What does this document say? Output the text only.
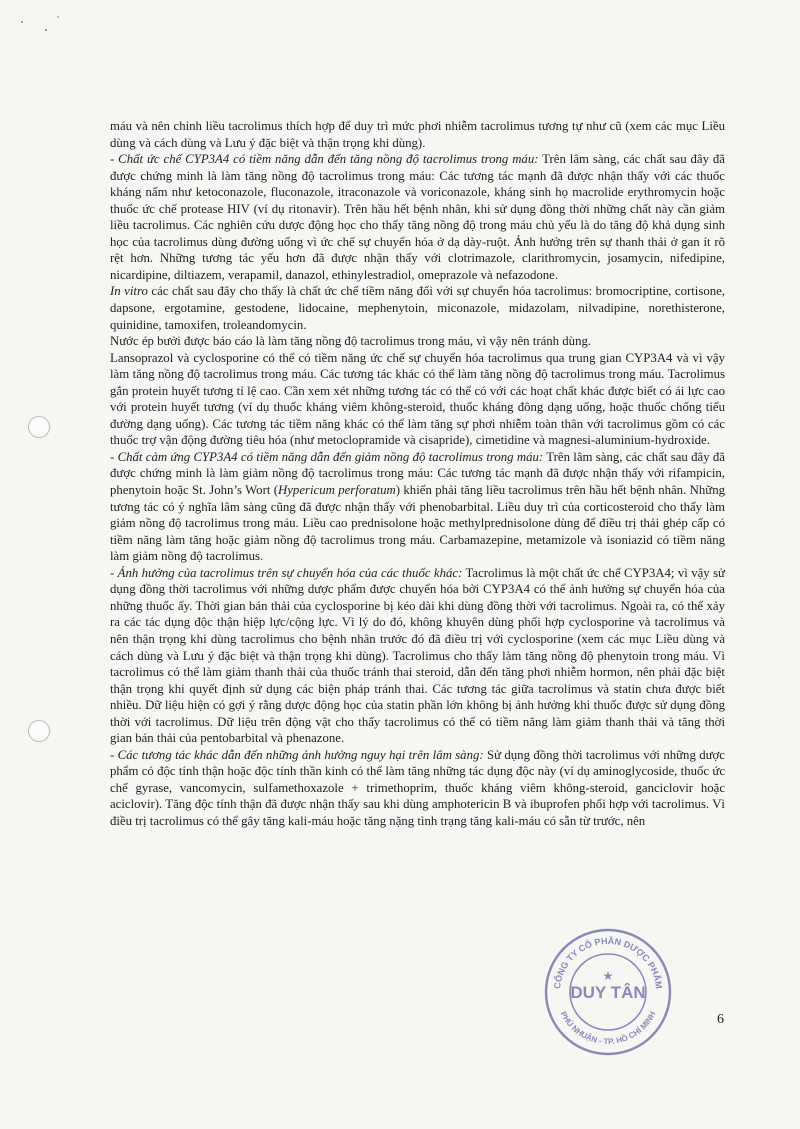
máu và nên chỉnh liều tacrolimus thích hợp để duy trì mức phơi nhiễm tacrolimus tương tự như cũ (xem các mục Liều dùng và cách dùng và Lưu ý đặc biệt và thận trọng khi dùng).

- Chất ức chế CYP3A4 có tiềm năng dẫn đến tăng nồng độ tacrolimus trong máu: Trên lâm sàng, các chất sau đây đã được chứng minh là làm tăng nồng độ tacrolimus trong máu: Các tương tác mạnh đã được nhận thấy với các thuốc kháng nấm như ketoconazole, fluconazole, itraconazole và voriconazole, kháng sinh họ macrolide erythromycin hoặc thuốc ức chế protease HIV (ví dụ ritonavir). Trên hầu hết bệnh nhân, khi sử dụng đồng thời những chất này cần giảm liều tacrolimus. Các nghiên cứu dược động học cho thấy tăng nồng độ trong máu chủ yếu là do tăng độ khả dụng sinh học của tacrolimus dùng đường uống vì ức chế sự chuyển hóa ở dạ dày-ruột. Ảnh hưởng trên sự thanh thải ở gan ít rõ rệt hơn. Những tương tác yếu hơn đã được nhận thấy với clotrimazole, clarithromycin, josamycin, nifedipine, nicardipine, diltiazem, verapamil, danazol, ethinylestradiol, omeprazole và nefazodone.

In vitro các chất sau đây cho thấy là chất ức chế tiềm năng đối với sự chuyển hóa tacrolimus: bromocriptine, cortisone, dapsone, ergotamine, gestodene, lidocaine, mephenytoin, miconazole, midazolam, nilvadipine, norethisterone, quinidine, tamoxifen, troleandomycin.

Nước ép bưởi được báo cáo là làm tăng nồng độ tacrolimus trong máu, vì vậy nên tránh dùng.

Lansoprazol và cyclosporine có thể có tiềm năng ức chế sự chuyển hóa tacrolimus qua trung gian CYP3A4 và vì vậy làm tăng nồng độ tacrolimus trong máu. Các tương tác khác có thể làm tăng nồng độ tacrolimus trong máu. Tacrolimus gắn protein huyết tương tỉ lệ cao. Cần xem xét những tương tác có thể có với các hoạt chất khác được biết có ái lực cao với protein huyết tương (ví dụ thuốc kháng viêm không-steroid, thuốc kháng đông dạng uống, hoặc thuốc chống tiểu đường dạng uống). Các tương tác tiềm năng khác có thể làm tăng sự phơi nhiễm toàn thân với tacrolimus gồm có các thuốc trợ vận động đường tiêu hóa (như metoclopramide và cisapride), cimetidine và magnesi-aluminium-hydroxide.

- Chất cảm ứng CYP3A4 có tiềm năng dẫn đến giảm nồng độ tacrolimus trong máu: Trên lâm sàng, các chất sau đây đã được chứng minh là làm giảm nồng độ tacrolimus trong máu: Các tương tác mạnh đã được nhận thấy với rifampicin, phenytoin hoặc St. John’s Wort (Hypericum perforatum) khiến phải tăng liều tacrolimus trên hầu hết bệnh nhân. Những tương tác có ý nghĩa lâm sàng cũng đã được nhận thấy với phenobarbital. Liều duy trì của corticosteroid cho thấy làm giảm nồng độ tacrolimus trong máu. Liều cao prednisolone hoặc methylprednisolone dùng để điều trị thải ghép cấp có tiềm năng làm tăng hoặc giảm nồng độ tacrolimus trong máu. Carbamazepine, metamizole và isoniazid có tiềm năng làm giảm nồng độ tacrolimus.

- Ảnh hưởng của tacrolimus trên sự chuyển hóa của các thuốc khác: Tacrolimus là một chất ức chế CYP3A4; vì vậy sử dụng đồng thời tacrolimus với những dược phẩm được chuyển hóa bởi CYP3A4 có thể ảnh hưởng sự chuyển hóa của những thuốc ấy. Thời gian bán thải của cyclosporine bị kéo dài khi dùng đồng thời với tacrolimus. Ngoài ra, có thể xảy ra các tác dụng độc thận hiệp lực/cộng lực. Vì lý do đó, không khuyên dùng phối hợp cyclosporine và tacrolimus và nên thận trọng khi dùng tacrolimus cho bệnh nhân trước đó đã điều trị với cyclosporine (xem các mục Liều dùng và cách dùng và Lưu ý đặc biệt và thận trọng khi dùng). Tacrolimus cho thấy làm tăng nồng độ phenytoin trong máu. Vì tacrolimus có thể làm giảm thanh thải của thuốc tránh thai steroid, dẫn đến tăng phơi nhiễm hormon, nên phải đặc biệt thận trọng khi quyết định sử dụng các biện pháp tránh thai. Các tương tác giữa tacrolimus và statin chưa được biết nhiều. Dữ liệu hiện có gợi ý rằng dược động học của statin phần lớn không bị ảnh hưởng khi thuốc được sử dụng đồng thời với tacrolimus. Dữ liệu trên động vật cho thấy tacrolimus có thể có tiềm năng làm giảm thanh thải và tăng thời gian bán thải của pentobarbital và phenazone.

- Các tương tác khác dẫn đến những ảnh hưởng nguy hại trên lâm sàng: Sử dụng đồng thời tacrolimus với những dược phẩm có độc tính thận hoặc độc tính thần kinh có thể làm tăng những tác dụng độc này (ví dụ aminoglycoside, thuốc ức chế gyrase, vancomycin, sulfamethoxazole + trimethoprim, thuốc kháng viêm không-steroid, ganciclovir hoặc aciclovir). Tăng độc tính thận đã được nhận thấy sau khi dùng amphotericin B và ibuprofen phối hợp với tacrolimus. Vì điều trị tacrolimus có thể gây tăng kali-máu hoặc tăng nặng tình trạng tăng kali-máu có sẵn từ trước, nên

6
CÔNG TY CỔ PHẦN DƯỢC PHẨM
PHÚ NHUẬN - TP. HỒ CHÍ MINH
DUY TÂN
★
